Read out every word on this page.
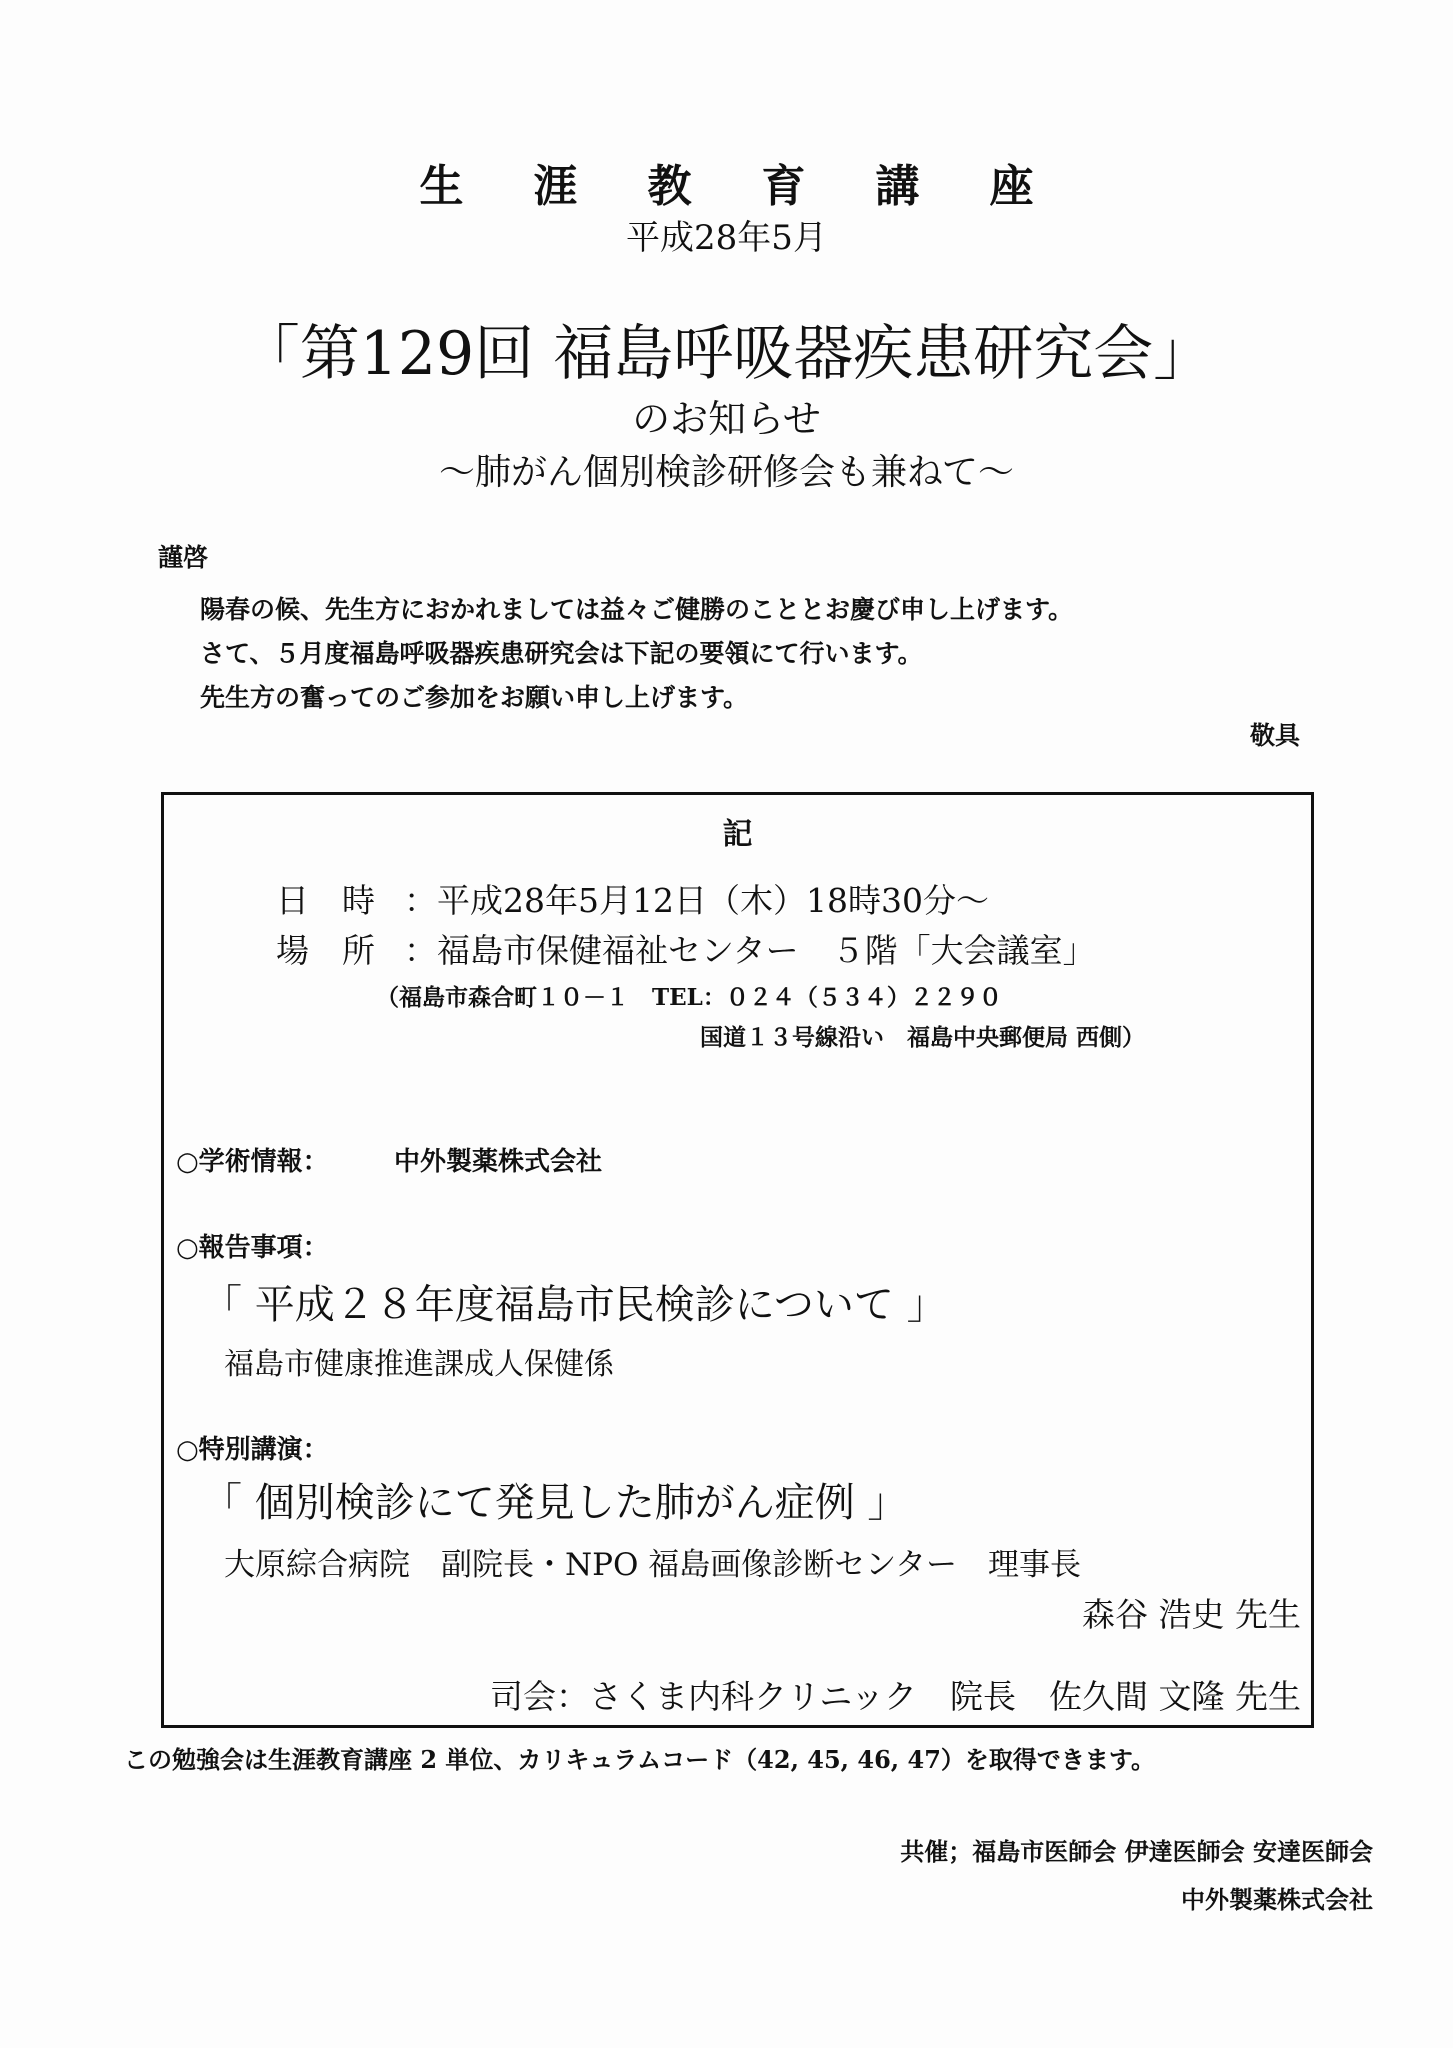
生涯教育講座
平成28年5月
「第129回 福島呼吸器疾患研究会」
のお知らせ
～肺がん個別検診研修会も兼ねて～
謹啓
陽春の候、先生方におかれましては益々ご健勝のこととお慶び申し上げます。
さて、５月度福島呼吸器疾患研究会は下記の要領にて行います。
先生方の奮ってのご参加をお願い申し上げます。
敬具
記
日　時 ：平成28年5月12日（木）18時30分～
場　所 ：福島市保健福祉センター　５階「大会議室」
（福島市森合町１０－１　TEL：０２４（５３４）２２９０
国道１３号線沿い　福島中央郵便局 西側）
○学術情報：	中外製薬株式会社
○報告事項：
「 平成２８年度福島市民検診について 」
福島市健康推進課成人保健係
○特別講演：
「 個別検診にて発見した肺がん症例 」
大原綜合病院　副院長・NPO 福島画像診断センター　理事長
森谷 浩史 先生
司会：さくま内科クリニック　院長　佐久間 文隆 先生
この勉強会は生涯教育講座 2 単位、カリキュラムコード（42, 45, 46, 47）を取得できます。
共催；福島市医師会 伊達医師会 安達医師会
中外製薬株式会社
